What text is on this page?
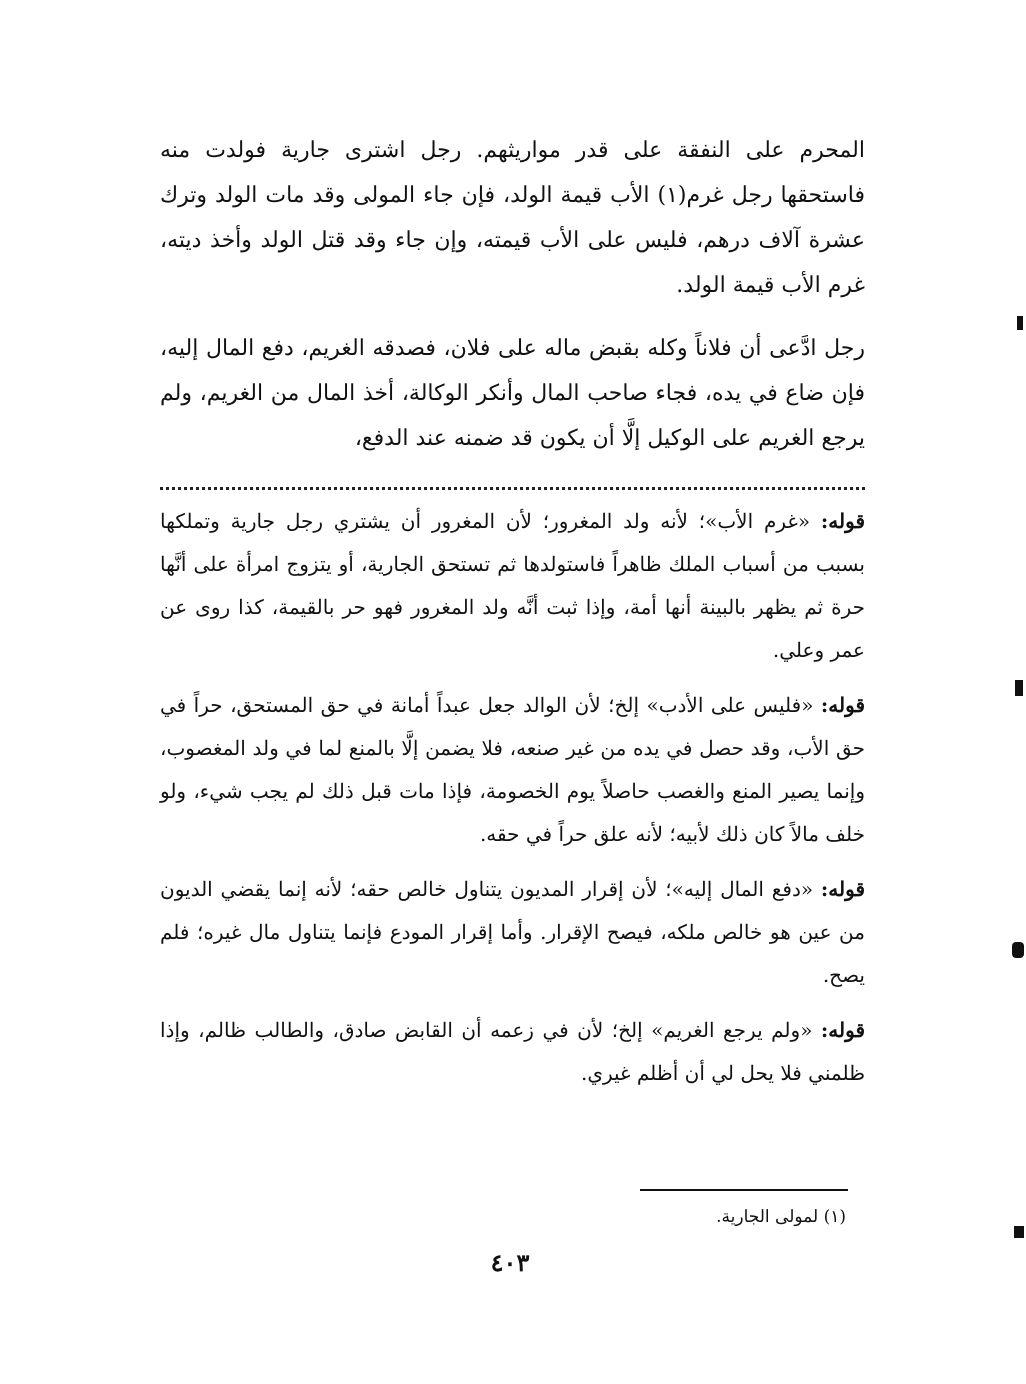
المحرم على النفقة على قدر مواريثهم. رجل اشترى جارية فولدت منه فاستحقها رجل غرم(١) الأب قيمة الولد، فإن جاء المولى وقد مات الولد وترك عشرة آلاف درهم، فليس على الأب قيمته، وإن جاء وقد قتل الولد وأخذ ديته، غرم الأب قيمة الولد.

رجل ادَّعى أن فلاناً وكله بقبض ماله على فلان، فصدقه الغريم، دفع المال إليه، فإن ضاع في يده، فجاء صاحب المال وأنكر الوكالة، أخذ المال من الغريم، ولم يرجع الغريم على الوكيل إلَّا أن يكون قد ضمنه عند الدفع،

قوله: «غرم الأب»؛ لأنه ولد المغرور؛ لأن المغرور أن يشتري رجل جارية وتملكها بسبب من أسباب الملك ظاهراً فاستولدها ثم تستحق الجارية، أو يتزوج امرأة على أنَّها حرة ثم يظهر بالبينة أنها أمة، وإذا ثبت أنَّه ولد المغرور فهو حر بالقيمة، كذا روى عن عمر وعلي.

قوله: «فليس على الأدب» إلخ؛ لأن الوالد جعل عبداً أمانة في حق المستحق، حراً في حق الأب، وقد حصل في يده من غير صنعه، فلا يضمن إلَّا بالمنع لما في ولد المغصوب، وإنما يصير المنع والغصب حاصلاً يوم الخصومة، فإذا مات قبل ذلك لم يجب شيء، ولو خلف مالاً كان ذلك لأبيه؛ لأنه علق حراً في حقه.

قوله: «دفع المال إليه»؛ لأن إقرار المديون يتناول خالص حقه؛ لأنه إنما يقضي الديون من عين هو خالص ملكه، فيصح الإقرار. وأما إقرار المودع فإنما يتناول مال غيره؛ فلم يصح.

قوله: «ولم يرجع الغريم» إلخ؛ لأن في زعمه أن القابض صادق، والطالب ظالم، وإذا ظلمني فلا يحل لي أن أظلم غيري.

(١) لمولى الجارية.
٤٠٣
